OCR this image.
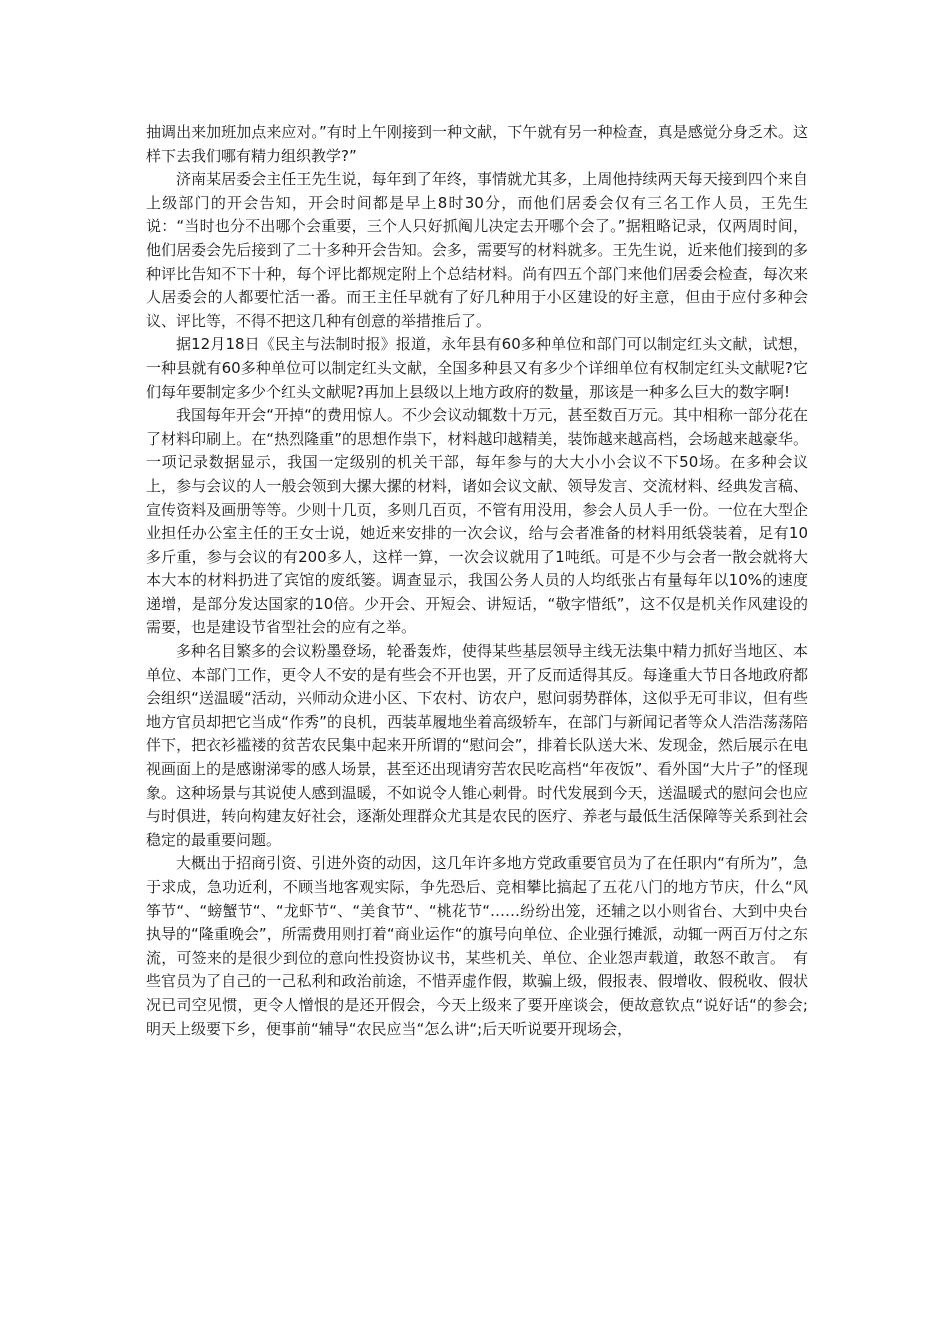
抽调出来加班加点来应对。”有时上午刚接到一种文献，下午就有另一种检查，真是感觉分身乏术。这样下去我们哪有精力组织教学?”

济南某居委会主任王先生说，每年到了年终，事情就尤其多，上周他持续两天每天接到四个来自上级部门的开会告知，开会时间都是早上8时30分，而他们居委会仅有三名工作人员，王先生说：“当时也分不出哪个会重要，三个人只好抓阄儿决定去开哪个会了。”据粗略记录，仅两周时间，他们居委会先后接到了二十多种开会告知。会多，需要写的材料就多。王先生说，近来他们接到的多种评比告知不下十种，每个评比都规定附上个总结材料。尚有四五个部门来他们居委会检查，每次来人居委会的人都要忙活一番。而王主任早就有了好几种用于小区建设的好主意，但由于应付多种会议、评比等，不得不把这几种有创意的举措推后了。

据12月18日《民主与法制时报》报道，永年县有60多种单位和部门可以制定红头文献，试想，一种县就有60多种单位可以制定红头文献，全国多种县又有多少个详细单位有权制定红头文献呢?它们每年要制定多少个红头文献呢?再加上县级以上地方政府的数量，那该是一种多么巨大的数字啊!

我国每年开会“开掉“的费用惊人。不少会议动辄数十万元，甚至数百万元。其中相称一部分花在了材料印刷上。在“热烈隆重”的思想作祟下，材料越印越精美，装饰越来越高档，会场越来越豪华。一项记录数据显示，我国一定级别的机关干部，每年参与的大大小小会议不下50场。在多种会议上，参与会议的人一般会领到大摞大摞的材料，诸如会议文献、领导发言、交流材料、经典发言稿、宣传资料及画册等等。少则十几页，多则几百页，不管有用没用，参会人员人手一份。一位在大型企业担任办公室主任的王女士说，她近来安排的一次会议，给与会者准备的材料用纸袋装着，足有10多斤重，参与会议的有200多人，这样一算，一次会议就用了1吨纸。可是不少与会者一散会就将大本大本的材料扔进了宾馆的废纸篓。调查显示，我国公务人员的人均纸张占有量每年以10%的速度递增，是部分发达国家的10倍。少开会、开短会、讲短话，“敬字惜纸”，这不仅是机关作风建设的需要，也是建设节省型社会的应有之举。

多种名目繁多的会议粉墨登场，轮番轰炸，使得某些基层领导主线无法集中精力抓好当地区、本单位、本部门工作，更令人不安的是有些会不开也罢，开了反而适得其反。每逢重大节日各地政府都会组织“送温暖“活动，兴师动众进小区、下农村、访农户，慰问弱势群体，这似乎无可非议，但有些地方官员却把它当成“作秀”的良机，西装革履地坐着高级轿车，在部门与新闻记者等众人浩浩荡荡陪伴下，把衣衫褴褛的贫苦农民集中起来开所谓的“慰问会”，排着长队送大米、发现金，然后展示在电视画面上的是感谢涕零的感人场景，甚至还出现请穷苦农民吃高档“年夜饭”、看外国“大片子”的怪现象。这种场景与其说使人感到温暖，不如说令人锥心刺骨。时代发展到今天，送温暖式的慰问会也应与时俱进，转向构建友好社会，逐渐处理群众尤其是农民的医疗、养老与最低生活保障等关系到社会稳定的最重要问题。

大概出于招商引资、引进外资的动因，这几年许多地方党政重要官员为了在任职内“有所为”，急于求成，急功近利，不顾当地客观实际，争先恐后、竞相攀比搞起了五花八门的地方节庆，什么“风筝节“、“螃蟹节“、“龙虾节“、“美食节“、“桃花节“……纷纷出笼，还辅之以小则省台、大到中央台执导的“隆重晚会”，所需费用则打着“商业运作“的旗号向单位、企业强行摊派，动辄一两百万付之东流，可签来的是很少到位的意向性投资协议书，某些机关、单位、企业怨声载道，敢怒不敢言。　有些官员为了自己的一己私利和政治前途，不惜弄虚作假，欺骗上级，假报表、假增收、假税收、假状况已司空见惯，更令人憎恨的是还开假会，今天上级来了要开座谈会，便故意钦点“说好话“的参会;明天上级要下乡，便事前“辅导“农民应当“怎么讲“;后天听说要开现场会，
